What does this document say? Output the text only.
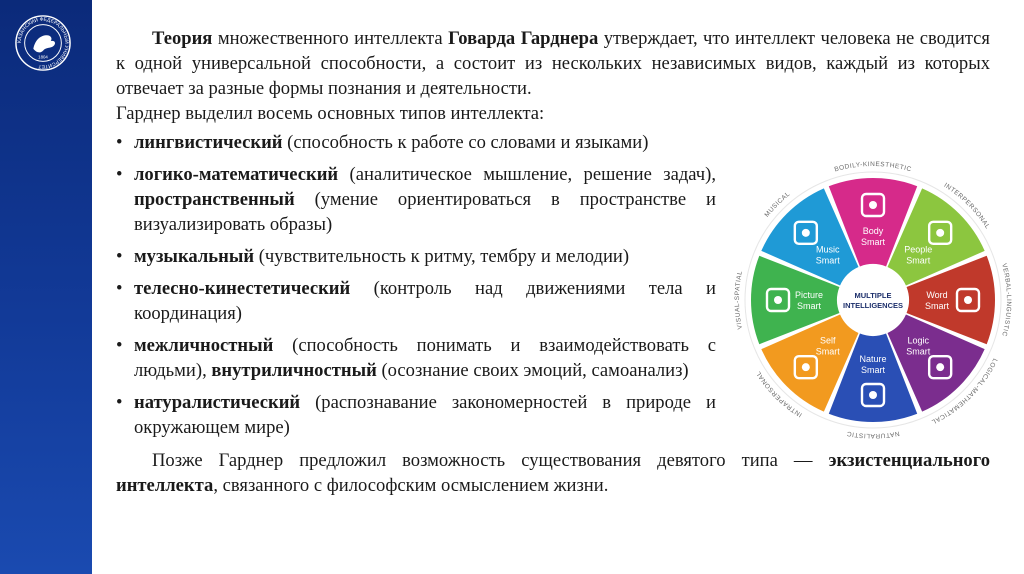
КАЗАНСКИЙ ФЕДЕРАЛЬНЫЙ УНИВЕРСИТЕТ
1804

Теория множественного интеллекта Говарда Гарднера утверждает, что интеллект человека не сводится к одной универсальной способности, а состоит из нескольких независимых видов, каждый из которых отвечает за разные формы познания и деятельности.

Гарднер выделил восемь основных типов интеллекта:

• лингвистический (способность к работе со словами и языками)
• логико-математический (аналитическое мышление, решение задач), пространственный (умение ориентироваться в пространстве и визуализировать образы)
• музыкальный (чувствительность к ритму, тембру и мелодии)
• телесно-кинестетический (контроль над движениями тела и координация)
• межличностный (способность понимать и взаимодействовать с людьми), внутриличностный (осознание своих эмоций, самоанализ)
• натуралистический (распознавание закономерностей в природе и окружающем мире)

Позже Гарднер предложил возможность существования девятого типа — экзистенциального интеллекта, связанного с философским осмыслением жизни.

Music
Smart
Body
Smart
People
Smart
Word
Smart
Logic
Smart
Nature
Smart
Self
Smart
Picture
Smart
MULTIPLE
INTELLIGENCES
MUSICAL
BODILY-KINESTHETIC
INTERPERSONAL
VERBAL-LINGUISTIC
LOGICAL-MATHEMATICAL
NATURALISTIC
INTRAPERSONAL
VISUAL-SPATIAL
